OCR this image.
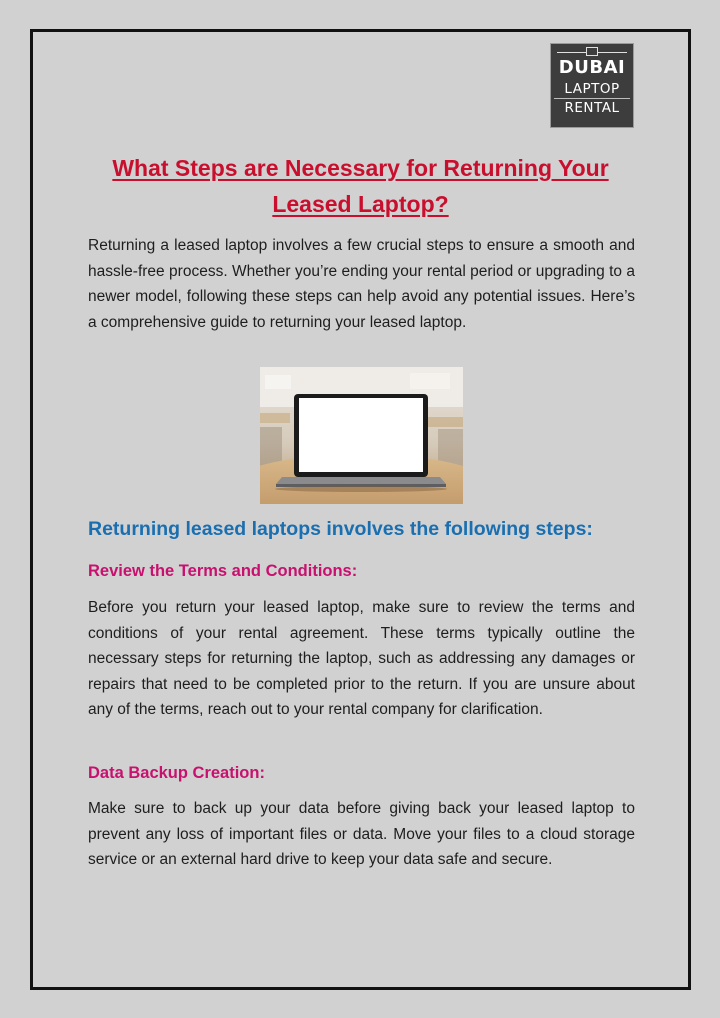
DUBAI
LAPTOP
RENTAL
What Steps are Necessary for Returning Your Leased Laptop?

Returning a leased laptop involves a few crucial steps to ensure a smooth and hassle-free process. Whether you’re ending your rental period or upgrading to a newer model, following these steps can help avoid any potential issues. Here’s a comprehensive guide to returning your leased laptop.

Returning leased laptops involves the following steps:
Review the Terms and Conditions:

Before you return your leased laptop, make sure to review the terms and conditions of your rental agreement. These terms typically outline the necessary steps for returning the laptop, such as addressing any damages or repairs that need to be completed prior to the return. If you are unsure about any of the terms, reach out to your rental company for clarification.

Data Backup Creation:

Make sure to back up your data before giving back your leased laptop to prevent any loss of important files or data. Move your files to a cloud storage service or an external hard drive to keep your data safe and secure.
